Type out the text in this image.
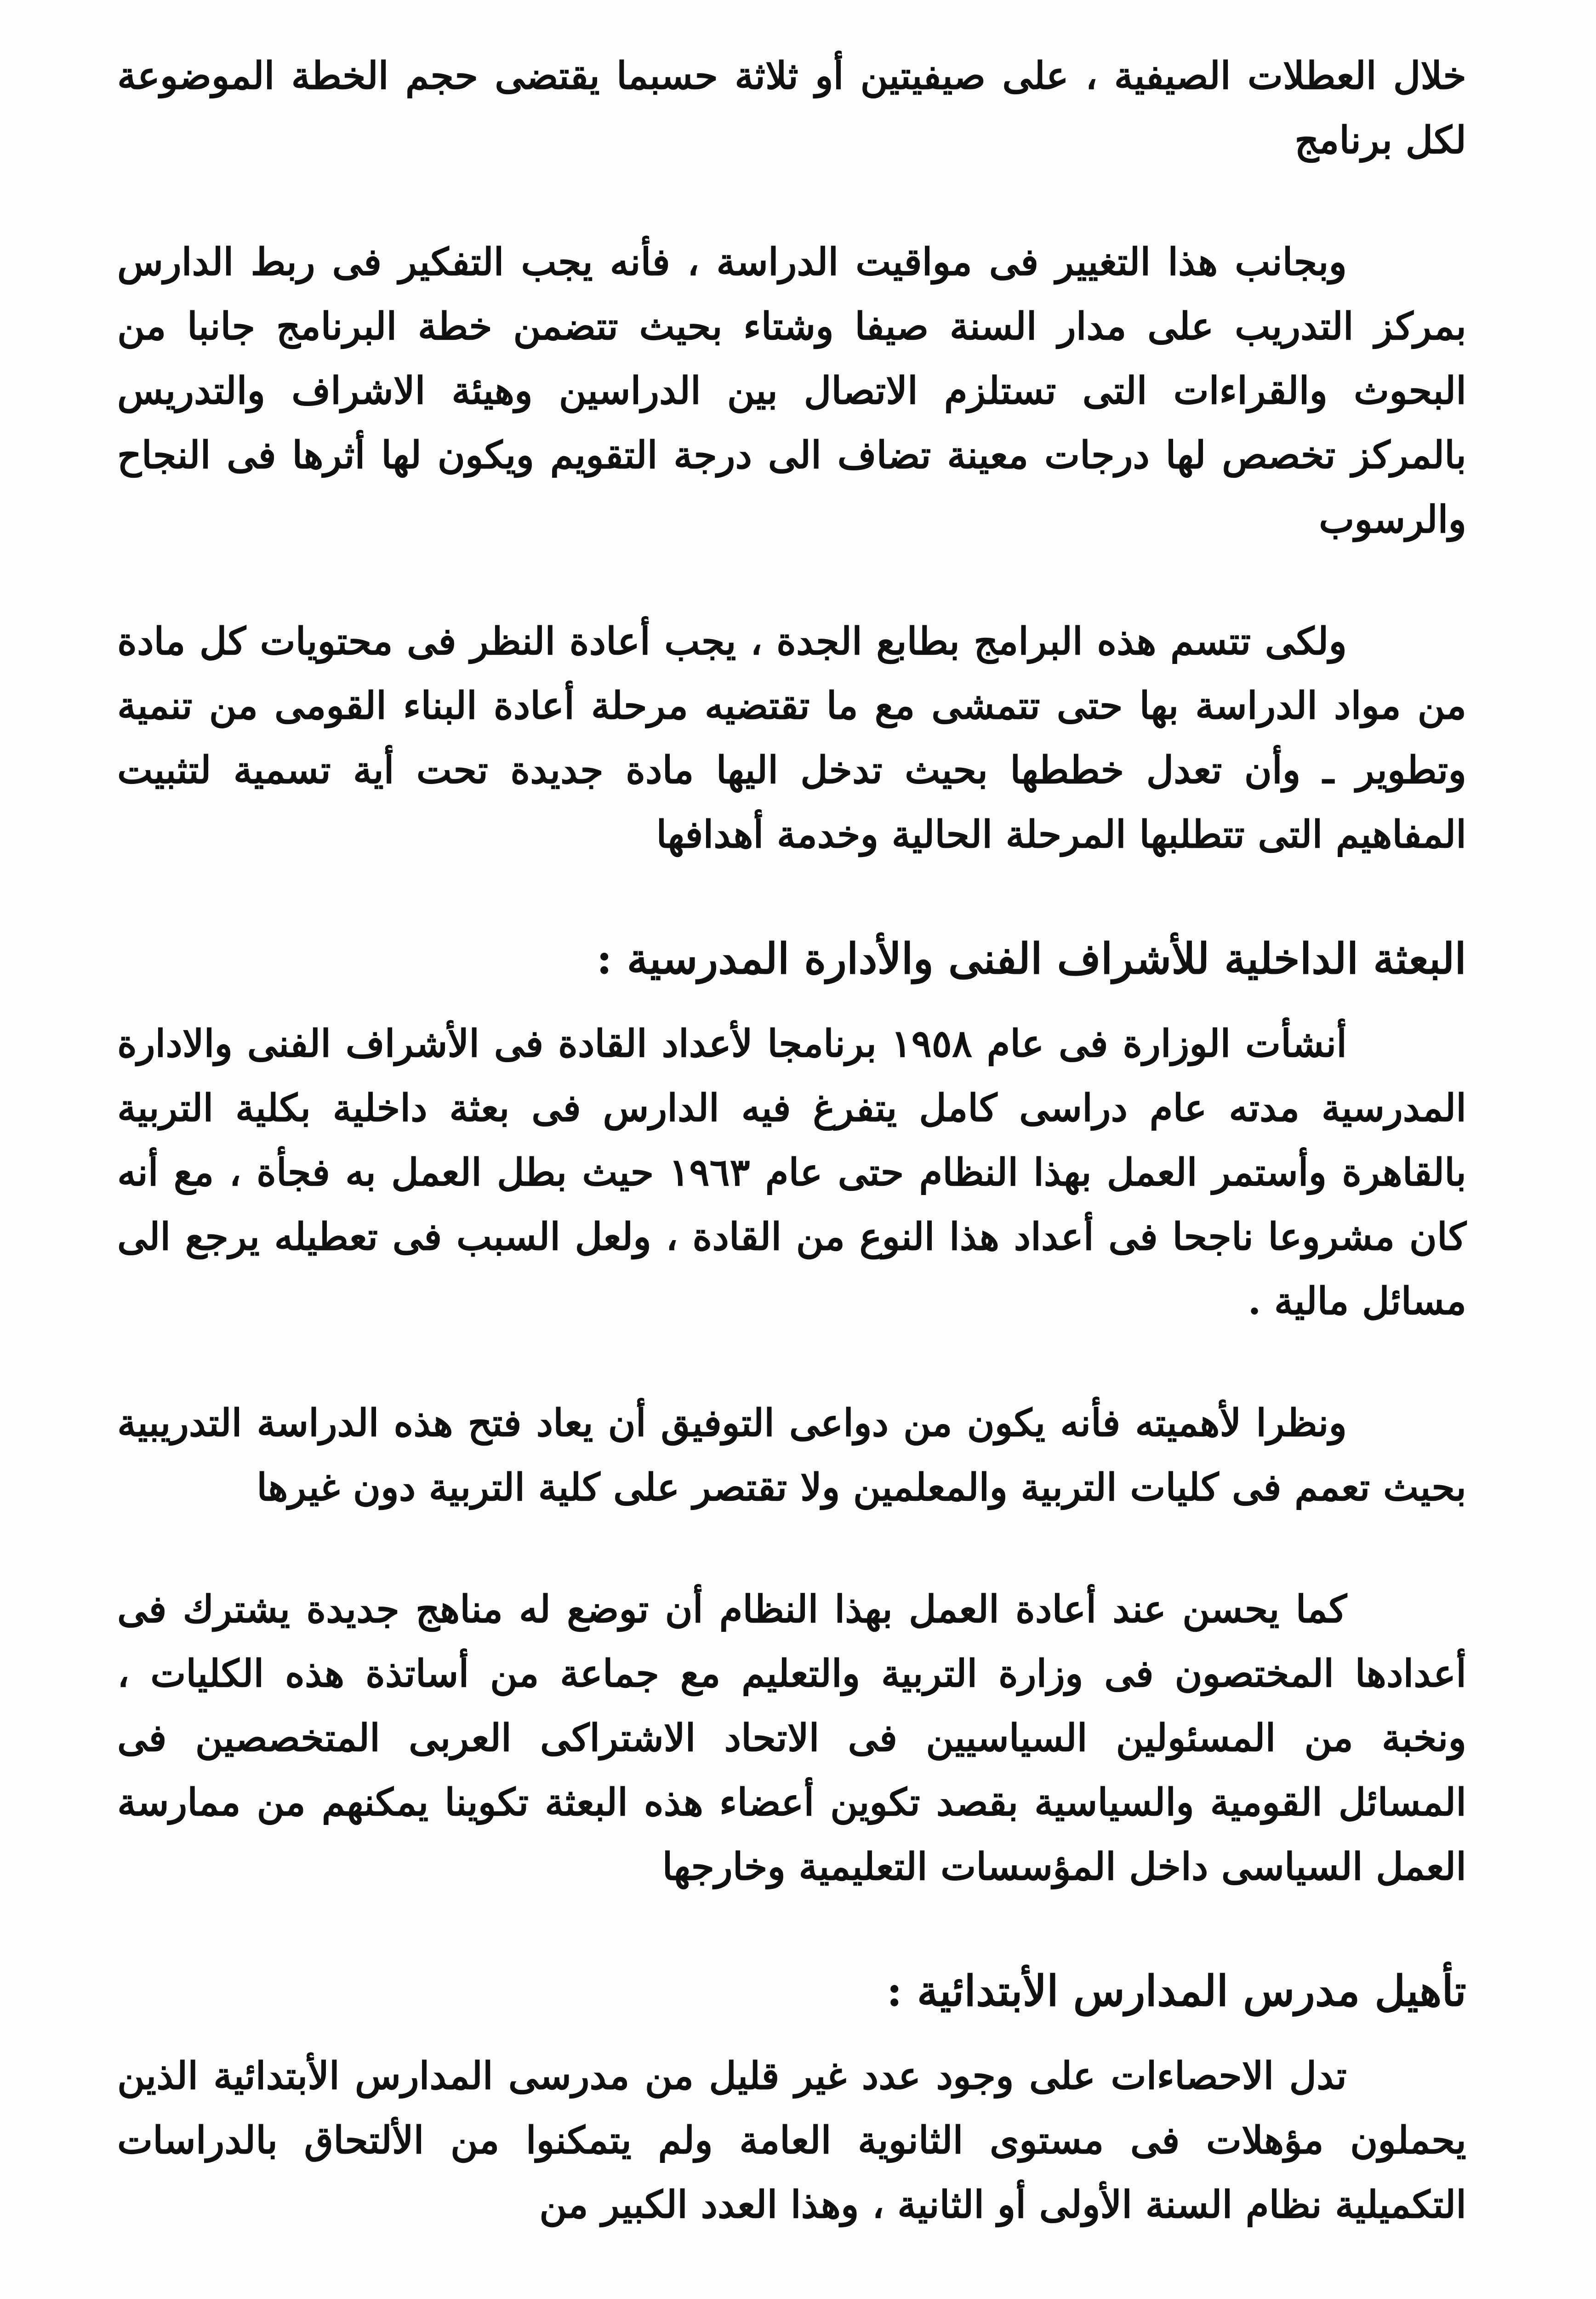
خلال العطلات الصيفية ، على صيفيتين أو ثلاثة حسبما يقتضى حجم الخطة الموضوعة لكل برنامج

وبجانب هذا التغيير فى مواقيت الدراسة ، فأنه يجب التفكير فى ربط الدارس بمركز التدريب على مدار السنة صيفا وشتاء بحيث تتضمن خطة البرنامج جانبا من البحوث والقراءات التى تستلزم الاتصال بين الدراسين وهيئة الاشراف والتدريس بالمركز تخصص لها درجات معينة تضاف الى درجة التقويم ويكون لها أثرها فى النجاح والرسوب

ولكى تتسم هذه البرامج بطابع الجدة ، يجب أعادة النظر فى محتويات كل مادة من مواد الدراسة بها حتى تتمشى مع ما تقتضيه مرحلة أعادة البناء القومى من تنمية وتطوير ـ وأن تعدل خططها بحيث تدخل اليها مادة جديدة تحت أية تسمية لتثبيت المفاهيم التى تتطلبها المرحلة الحالية وخدمة أهدافها

البعثة الداخلية للأشراف الفنى والأدارة المدرسية :

أنشأت الوزارة فى عام ١٩٥٨ برنامجا لأعداد القادة فى الأشراف الفنى والادارة المدرسية مدته عام دراسى كامل يتفرغ فيه الدارس فى بعثة داخلية بكلية التربية بالقاهرة وأستمر العمل بهذا النظام حتى عام ١٩٦٣ حيث بطل العمل به فجأة ، مع أنه كان مشروعا ناجحا فى أعداد هذا النوع من القادة ، ولعل السبب فى تعطيله يرجع الى مسائل مالية .

ونظرا لأهميته فأنه يكون من دواعى التوفيق أن يعاد فتح هذه الدراسة التدريبية بحيث تعمم فى كليات التربية والمعلمين ولا تقتصر على كلية التربية دون غيرها

كما يحسن عند أعادة العمل بهذا النظام أن توضع له مناهج جديدة يشترك فى أعدادها المختصون فى وزارة التربية والتعليم مع جماعة من أساتذة هذه الكليات ، ونخبة من المسئولين السياسيين فى الاتحاد الاشتراكى العربى المتخصصين فى المسائل القومية والسياسية بقصد تكوين أعضاء هذه البعثة تكوينا يمكنهم من ممارسة العمل السياسى داخل المؤسسات التعليمية وخارجها

تأهيل مدرس المدارس الأبتدائية :

تدل الاحصاءات على وجود عدد غير قليل من مدرسى المدارس الأبتدائية الذين يحملون مؤهلات فى مستوى الثانوية العامة ولم يتمكنوا من الألتحاق بالدراسات التكميلية نظام السنة الأولى أو الثانية ، وهذا العدد الكبير من
